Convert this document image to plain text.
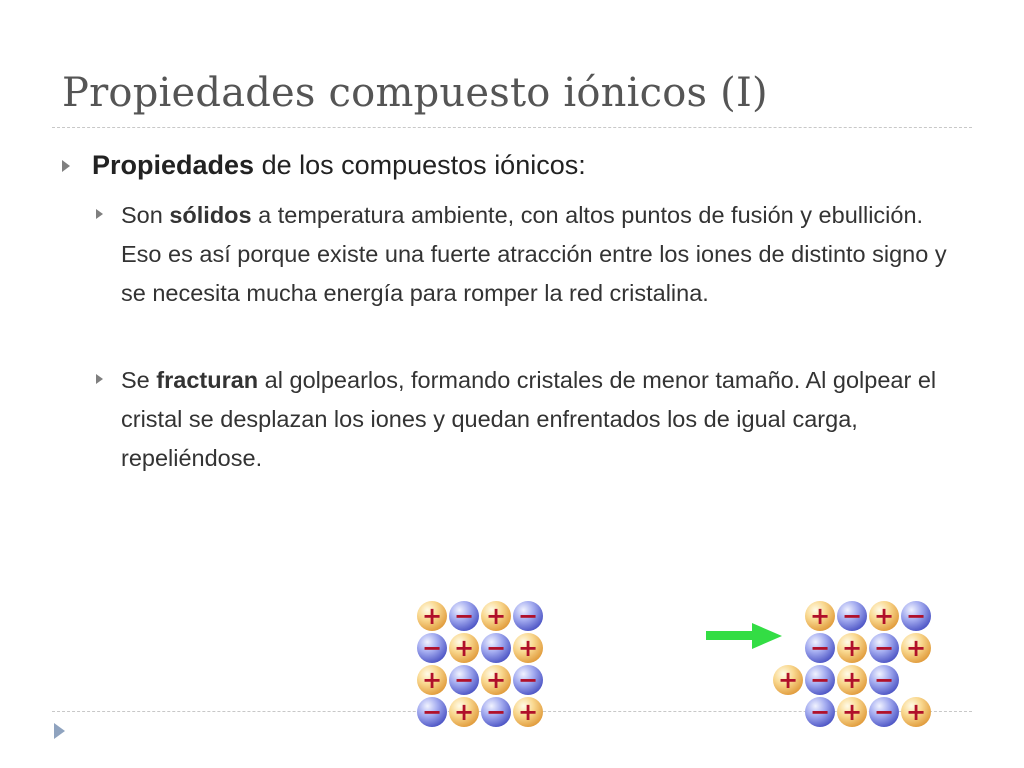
Propiedades compuesto iónicos (I)
Propiedades de los compuestos iónicos:
Son sólidos a temperatura ambiente, con altos puntos de fusión y ebullición. Eso es así porque existe una fuerte atracción entre los iones de distinto signo y se necesita mucha energía para romper la red cristalina.
Se fracturan al golpearlos, formando cristales de menor tamaño. Al golpear el cristal se desplazan los iones y quedan enfrentados los de igual carga, repeliéndose.
+ − + −
− + − +
+ − + −
− + − +
+ − + −
− + − +
+ − + −
− + − +
